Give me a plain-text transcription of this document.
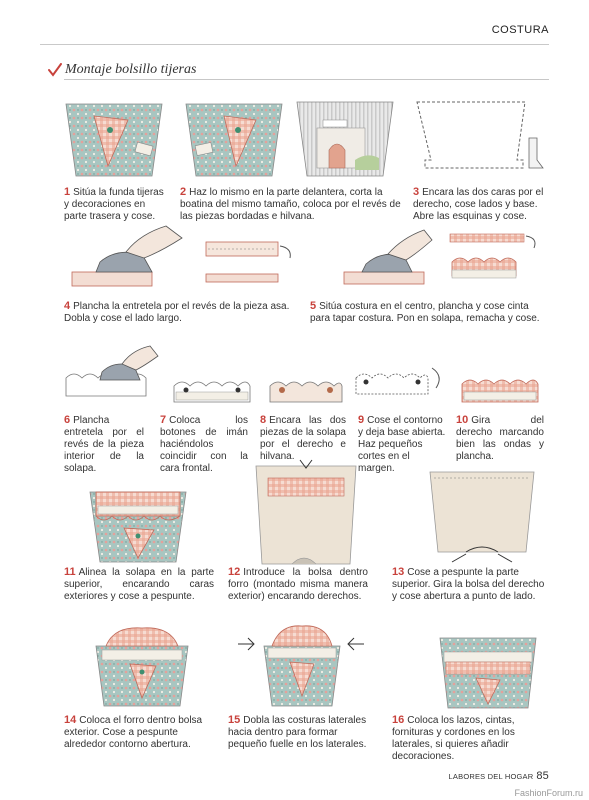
COSTURA
Montaje bolsillo tijeras
1 Sitúa la funda tijeras y decoraciones en parte trasera y cose.
2 Haz lo mismo en la parte delantera, corta la boatina del mismo tamaño, coloca por el revés de las piezas bordadas e hilvana.
3 Encara las dos caras por el derecho, cose lados y base. Abre las esquinas y cose.
4 Plancha la entretela por el revés de la pieza asa. Dobla y cose el lado largo.
5 Sitúa costura en el centro, plancha y cose cinta para tapar costura. Pon en solapa, remacha y cose.
6 Plancha entretela por el revés de la pieza interior de la solapa.
7 Coloca los botones de imán haciéndolos coincidir con la cara frontal.
8 Encara las dos piezas de la solapa por el derecho e hilvana.
9 Cose el contorno y deja base abierta. Haz pequeños cortes en el margen.
10 Gira del derecho marcando bien las ondas y plancha.
11 Alinea la solapa en la parte superior, encarando caras exteriores y cose a pespunte.
12 Introduce la bolsa dentro forro (montado misma manera exterior) encarando derechos.
13 Cose a pespunte la parte superior. Gira la bolsa del derecho y cose abertura a punto de lado.
14 Coloca el forro dentro bolsa exterior. Cose a pespunte alrededor contorno abertura.
15 Dobla las costuras laterales hacia dentro para formar pequeño fuelle en los laterales.
16 Coloca los lazos, cintas, fornituras y cordones en los laterales, si quieres añadir decoraciones.
LABORES DEL HOGAR 85
FashionForum.ru
